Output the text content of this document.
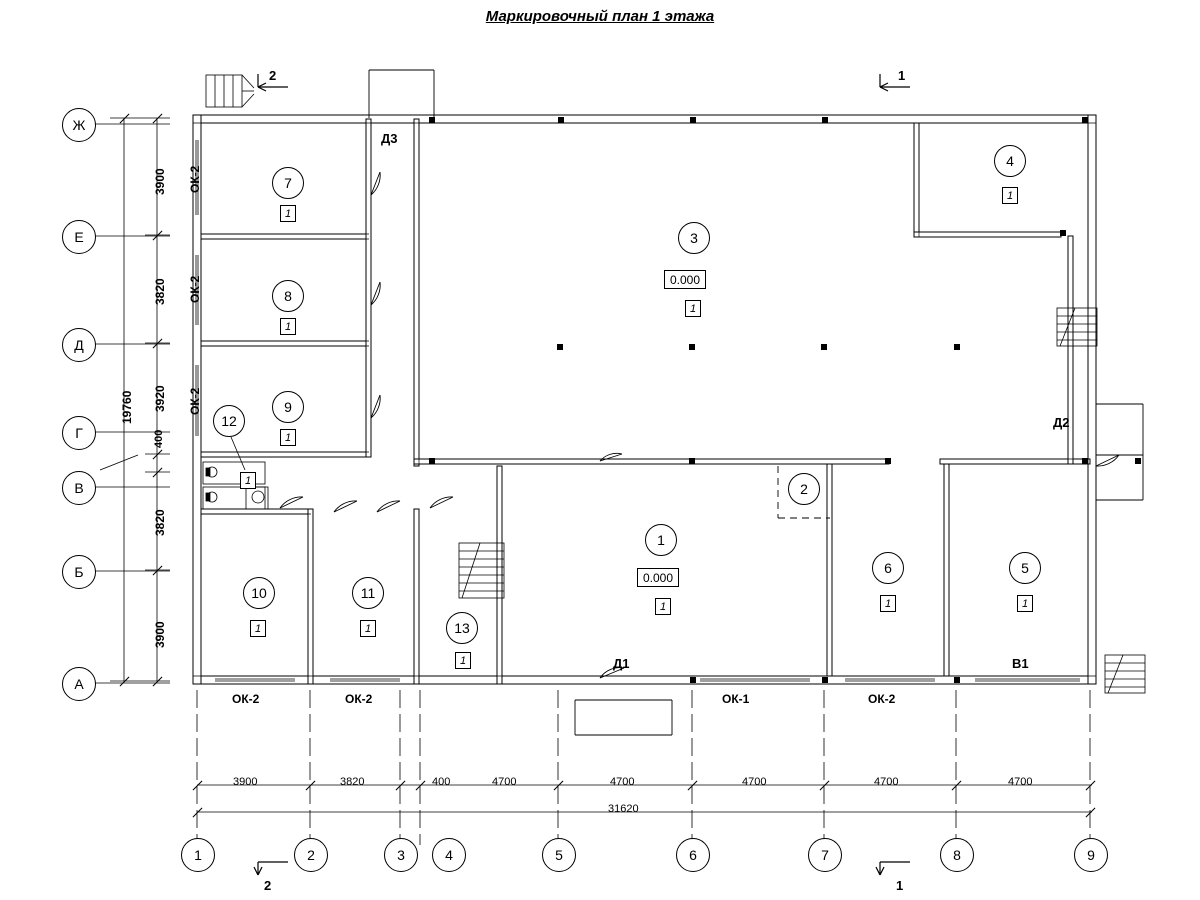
Маркировочный план 1 этажа
Ж
Е
Д
Г
В
Б
А
1	2	3	4	5	6	7	8	9
3900
3820
3920
400
3820
3900
19760
3900	3820	400	4700	4700	4700	4700	4700
31620
7
1
8
1
9
1
12
1
10
1
11
1	13
1
1
0.000
1
3
0.000
1
2
4
1
5
1
6
1
ОК-2
ОК-2
ОК-2
ОК-2	ОК-2	ОК-1	ОК-2
Д3
Д2
Д1	В1
2	1
2	1
